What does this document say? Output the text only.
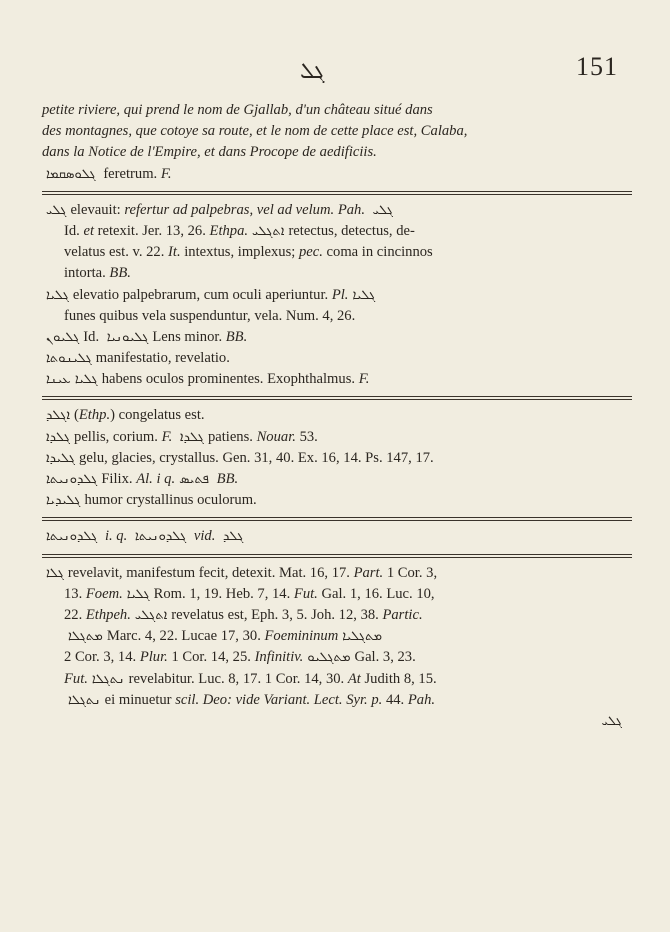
ܓܠ	151
petite riviere, qui prend le nom de Gjallab, d'un château situé dans
des montagnes, que cotoye sa route, et le nom de cette place est, Calaba,
dans la Notice de l'Empire, et dans Procope de aedificiis.
ܓܠܘܣܩܡܐ feretrum. F.
ܓܠܝ elevauit: refertur ad palpebras, vel ad velum. Pah. ܓܠܝ
Id. et retexit. Jer. 13, 26. Ethpa. ܐܬܓܠܝ retectus, detectus, de-
velatus est. v. 22. It. intextus, implexus; pec. coma in cincinnos
intorta. BB.
ܓܠܝܐ elevatio palpebrarum, cum oculi aperiuntur. Pl. ܓܠܝܐ
funes quibus vela suspenduntur, vela. Num. 4, 26.
ܓܠܝܘܢ Id. ܓܠܝܘܢܝܐ Lens minor. BB.
ܓܠܝܢܘܬܐ manifestatio, revelatio.
ܓܠܝܐ ܥܝܢܐ habens oculos prominentes. Exophthalmus. F.
ܐܓܠܕ (Ethp.) congelatus est.
ܓܠܕܐ pellis, corium. F. ܓܠܕܐ patiens. Nouar. 53.
ܓܠܝܕܐ gelu, glacies, crystallus. Gen. 31, 40. Ex. 16, 14. Ps. 147, 17.
ܓܠܕܘܢܝܬܐ Filix. Al. i q. ܦܬܝܣ BB.
ܓܠܝܕܝܐ humor crystallinus oculorum.
ܓܠܕܘܢܝܬܐ i. q. ܓܠܕܘܢܝܬܐ vid. ܓܠܕ
ܓܠܐ revelavit, manifestum fecit, detexit. Mat. 16, 17. Part. 1 Cor. 3,
13. Foem. ܓܠܝܐ Rom. 1, 19. Heb. 7, 14. Fut. Gal. 1, 16. Luc. 10,
22. Ethpeh. ܐܬܓܠܝ revelatus est, Eph. 3, 5. Joh. 12, 38. Partic.
ܡܬܓܠܐ Marc. 4, 22. Lucae 17, 30. Foemininum ܡܬܓܠܝܐ
2 Cor. 3, 14. Plur. 1 Cor. 14, 25. Infinitiv. ܡܬܓܠܝܘ Gal. 3, 23.
Fut. ܢܬܓܠܐ revelabitur. Luc. 8, 17. 1 Cor. 14, 30. At Judith 8, 15.
ܢܬܓܠܐ ei minuetur scil. Deo: vide Variant. Lect. Syr. p. 44. Pah.
ܓܠܝ
